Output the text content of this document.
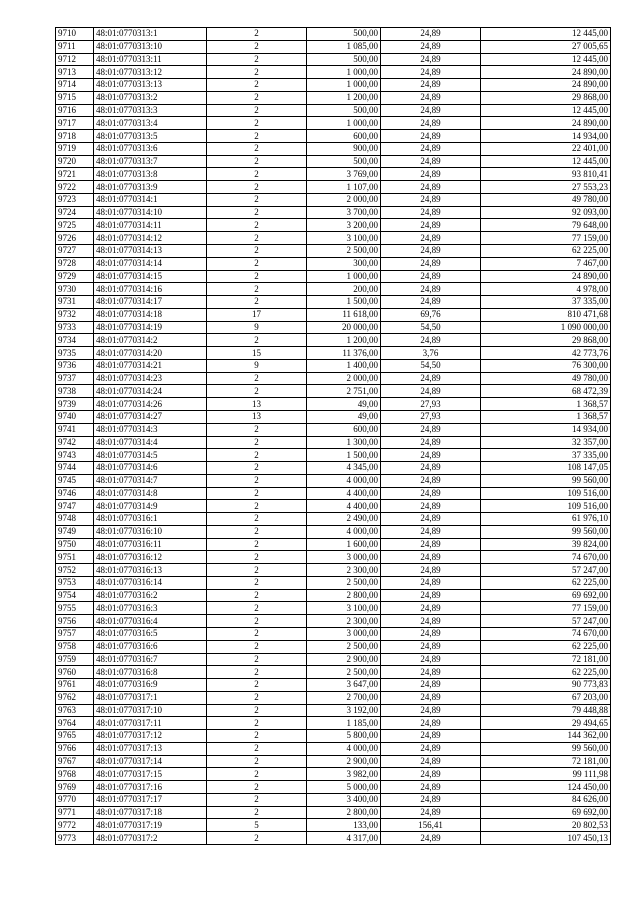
9710	48:01:0770313:1	2	500,00	24,89	12 445,00
9711	48:01:0770313:10	2	1 085,00	24,89	27 005,65
9712	48:01:0770313:11	2	500,00	24,89	12 445,00
9713	48:01:0770313:12	2	1 000,00	24,89	24 890,00
9714	48:01:0770313:13	2	1 000,00	24,89	24 890,00
9715	48:01:0770313:2	2	1 200,00	24,89	29 868,00
9716	48:01:0770313:3	2	500,00	24,89	12 445,00
9717	48:01:0770313:4	2	1 000,00	24,89	24 890,00
9718	48:01:0770313:5	2	600,00	24,89	14 934,00
9719	48:01:0770313:6	2	900,00	24,89	22 401,00
9720	48:01:0770313:7	2	500,00	24,89	12 445,00
9721	48:01:0770313:8	2	3 769,00	24,89	93 810,41
9722	48:01:0770313:9	2	1 107,00	24,89	27 553,23
9723	48:01:0770314:1	2	2 000,00	24,89	49 780,00
9724	48:01:0770314:10	2	3 700,00	24,89	92 093,00
9725	48:01:0770314:11	2	3 200,00	24,89	79 648,00
9726	48:01:0770314:12	2	3 100,00	24,89	77 159,00
9727	48:01:0770314:13	2	2 500,00	24,89	62 225,00
9728	48:01:0770314:14	2	300,00	24,89	7 467,00
9729	48:01:0770314:15	2	1 000,00	24,89	24 890,00
9730	48:01:0770314:16	2	200,00	24,89	4 978,00
9731	48:01:0770314:17	2	1 500,00	24,89	37 335,00
9732	48:01:0770314:18	17	11 618,00	69,76	810 471,68
9733	48:01:0770314:19	9	20 000,00	54,50	1 090 000,00
9734	48:01:0770314:2	2	1 200,00	24,89	29 868,00
9735	48:01:0770314:20	15	11 376,00	3,76	42 773,76
9736	48:01:0770314:21	9	1 400,00	54,50	76 300,00
9737	48:01:0770314:23	2	2 000,00	24,89	49 780,00
9738	48:01:0770314:24	2	2 751,00	24,89	68 472,39
9739	48:01:0770314:26	13	49,00	27,93	1 368,57
9740	48:01:0770314:27	13	49,00	27,93	1 368,57
9741	48:01:0770314:3	2	600,00	24,89	14 934,00
9742	48:01:0770314:4	2	1 300,00	24,89	32 357,00
9743	48:01:0770314:5	2	1 500,00	24,89	37 335,00
9744	48:01:0770314:6	2	4 345,00	24,89	108 147,05
9745	48:01:0770314:7	2	4 000,00	24,89	99 560,00
9746	48:01:0770314:8	2	4 400,00	24,89	109 516,00
9747	48:01:0770314:9	2	4 400,00	24,89	109 516,00
9748	48:01:0770316:1	2	2 490,00	24,89	61 976,10
9749	48:01:0770316:10	2	4 000,00	24,89	99 560,00
9750	48:01:0770316:11	2	1 600,00	24,89	39 824,00
9751	48:01:0770316:12	2	3 000,00	24,89	74 670,00
9752	48:01:0770316:13	2	2 300,00	24,89	57 247,00
9753	48:01:0770316:14	2	2 500,00	24,89	62 225,00
9754	48:01:0770316:2	2	2 800,00	24,89	69 692,00
9755	48:01:0770316:3	2	3 100,00	24,89	77 159,00
9756	48:01:0770316:4	2	2 300,00	24,89	57 247,00
9757	48:01:0770316:5	2	3 000,00	24,89	74 670,00
9758	48:01:0770316:6	2	2 500,00	24,89	62 225,00
9759	48:01:0770316:7	2	2 900,00	24,89	72 181,00
9760	48:01:0770316:8	2	2 500,00	24,89	62 225,00
9761	48:01:0770316:9	2	3 647,00	24,89	90 773,83
9762	48:01:0770317:1	2	2 700,00	24,89	67 203,00
9763	48:01:0770317:10	2	3 192,00	24,89	79 448,88
9764	48:01:0770317:11	2	1 185,00	24,89	29 494,65
9765	48:01:0770317:12	2	5 800,00	24,89	144 362,00
9766	48:01:0770317:13	2	4 000,00	24,89	99 560,00
9767	48:01:0770317:14	2	2 900,00	24,89	72 181,00
9768	48:01:0770317:15	2	3 982,00	24,89	99 111,98
9769	48:01:0770317:16	2	5 000,00	24,89	124 450,00
9770	48:01:0770317:17	2	3 400,00	24,89	84 626,00
9771	48:01:0770317:18	2	2 800,00	24,89	69 692,00
9772	48:01:0770317:19	5	133,00	156,41	20 802,53
9773	48:01:0770317:2	2	4 317,00	24,89	107 450,13
